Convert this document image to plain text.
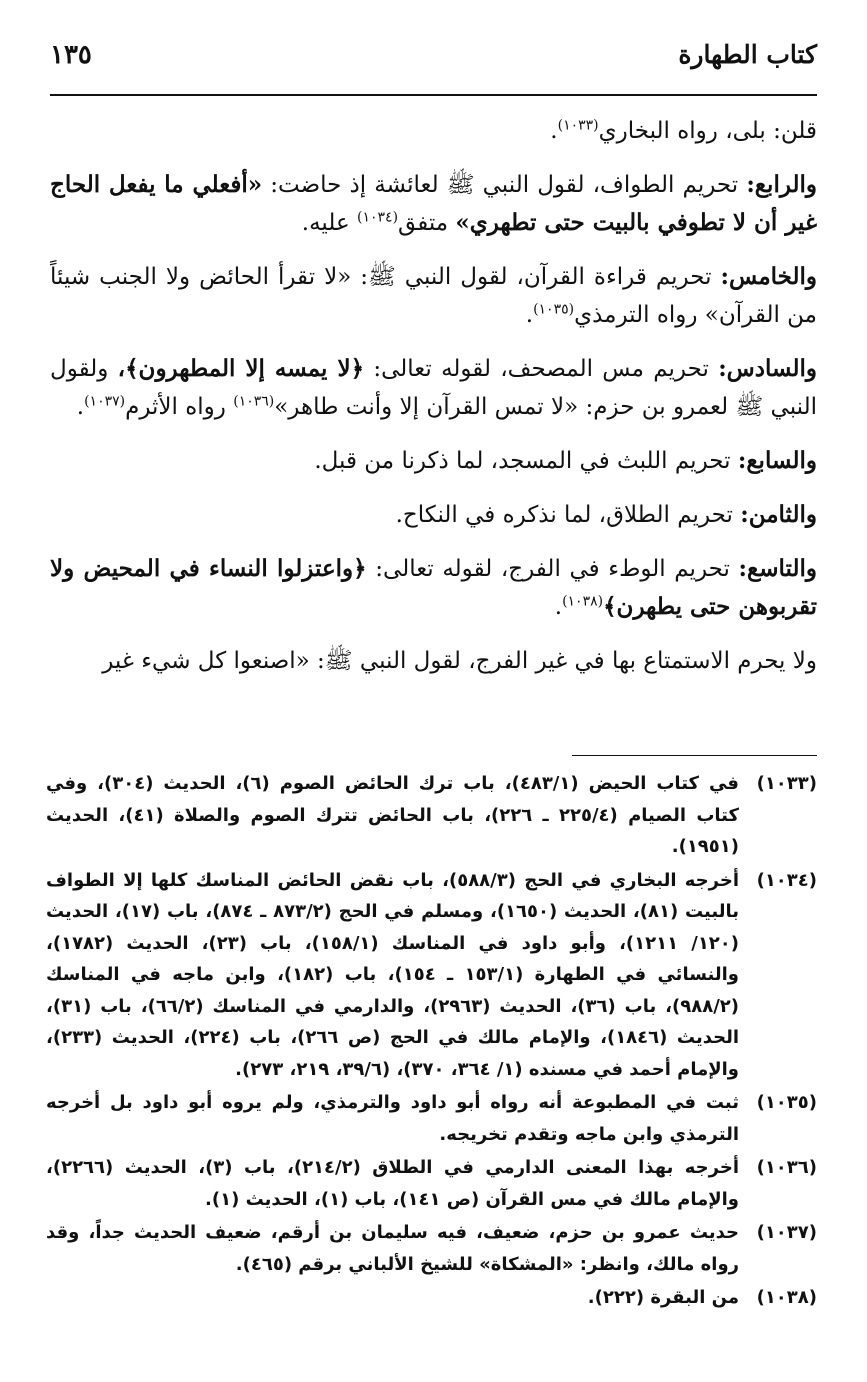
كتاب الطهارة
١٣٥

قلن: بلى، رواه البخاري$^{(١٠٣٣)}$.

والرابع: تحريم الطواف، لقول النبي ﷺ لعائشة إذ حاضت: «أفعلي ما يفعل الحاج غير أن لا تطوفي بالبيت حتى تطهري» متفق$^{(١٠٣٤)}$ عليه.

والخامس: تحريم قراءة القرآن، لقول النبي ﷺ: «لا تقرأ الحائض ولا الجنب شيئاً من القرآن» رواه الترمذي$^{(١٠٣٥)}$.

والسادس: تحريم مس المصحف، لقوله تعالى: ﴿لا يمسه إلا المطهرون﴾، ولقول النبي ﷺ لعمرو بن حزم: «لا تمس القرآن إلا وأنت طاهر»$^{(١٠٣٦)}$ رواه الأثرم$^{(١٠٣٧)}$.

والسابع: تحريم اللبث في المسجد، لما ذكرنا من قبل.

والثامن: تحريم الطلاق، لما نذكره في النكاح.

والتاسع: تحريم الوطء في الفرج، لقوله تعالى: ﴿واعتزلوا النساء في المحيض ولا تقربوهن حتى يطهرن﴾$^{(١٠٣٨)}$.

ولا يحرم الاستمتاع بها في غير الفرج، لقول النبي ﷺ: «اصنعوا كل شيء غير

(١٠٣٣)
في كتاب الحيض (٤٨٣/١)، باب ترك الحائض الصوم (٦)، الحديث (٣٠٤)، وفي كتاب الصيام (٢٢٥/٤ ـ ٢٢٦)، باب الحائض تترك الصوم والصلاة (٤١)، الحديث (١٩٥١).
(١٠٣٤)
أخرجه البخاري في الحج (٥٨٨/٣)، باب نقض الحائض المناسك كلها إلا الطواف بالبيت (٨١)، الحديث (١٦٥٠)، ومسلم في الحج (٨٧٣/٢ ـ ٨٧٤)، باب (١٧)، الحديث (١٢٠/ ١٢١١)، وأبو داود في المناسك (١٥٨/١)، باب (٢٣)، الحديث (١٧٨٢)، والنسائي في الطهارة (١٥٣/١ ـ ١٥٤)، باب (١٨٢)، وابن ماجه في المناسك (٩٨٨/٢)، باب (٣٦)، الحديث (٢٩٦٣)، والدارمي في المناسك (٦٦/٢)، باب (٣١)، الحديث (١٨٤٦)، والإمام مالك في الحج (ص ٢٦٦)، باب (٢٢٤)، الحديث (٢٣٣)، والإمام أحمد في مسنده (١/ ٣٦٤، ٣٧٠)، (٣٩/٦، ٢١٩، ٢٧٣).
(١٠٣٥)
ثبت في المطبوعة أنه رواه أبو داود والترمذي، ولم يروه أبو داود بل أخرجه الترمذي وابن ماجه وتقدم تخريجه.
(١٠٣٦)
أخرجه بهذا المعنى الدارمي في الطلاق (٢١٤/٢)، باب (٣)، الحديث (٢٢٦٦)، والإمام مالك في مس القرآن (ص ١٤١)، باب (١)، الحديث (١).
(١٠٣٧)
حديث عمرو بن حزم، ضعيف، فيه سليمان بن أرقم، ضعيف الحديث جداً، وقد رواه مالك، وانظر: «المشكاة» للشيخ الألباني برقم (٤٦٥).
(١٠٣٨)
من البقرة (٢٢٢).
